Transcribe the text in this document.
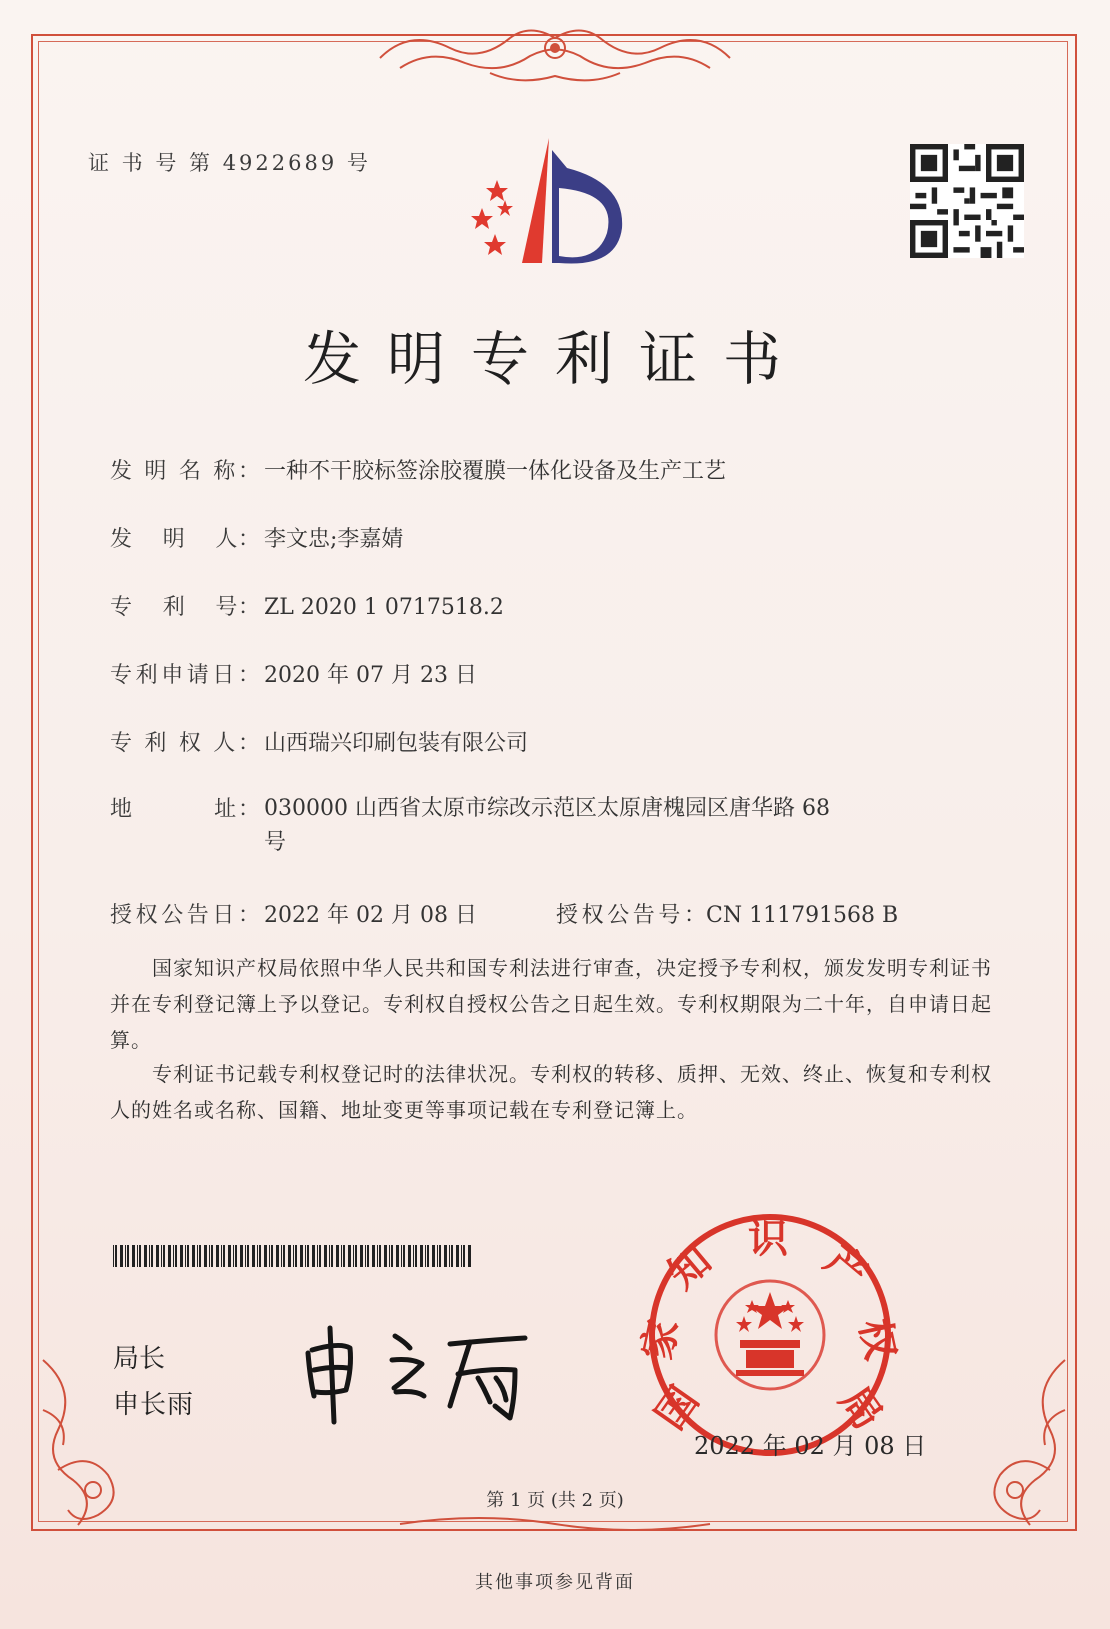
证 书 号 第 4922689 号
发明专利证书
发 明 名 称： 一种不干胶标签涂胶覆膜一体化设备及生产工艺
发　 明　 人： 李文忠;李嘉婧
专　 利　 号： ZL 2020 1 0717518.2
专利申请日： 2020 年 07 月 23 日
专 利 权 人： 山西瑞兴印刷包装有限公司
地　　　 址： 030000 山西省太原市综改示范区太原唐槐园区唐华路 68 号
授权公告日： 2022 年 02 月 08 日	授权公告号： CN 111791568 B
国家知识产权局依照中华人民共和国专利法进行审查，决定授予专利权，颁发发明专利证书并在专利登记簿上予以登记。专利权自授权公告之日起生效。专利权期限为二十年，自申请日起算。
专利证书记载专利权登记时的法律状况。专利权的转移、质押、无效、终止、恢复和专利权人的姓名或名称、国籍、地址变更等事项记载在专利登记簿上。
局长
申长雨	国
家
知 识 产
权
局
2022 年 02 月 08 日
第 1 页 (共 2 页)
其他事项参见背面
